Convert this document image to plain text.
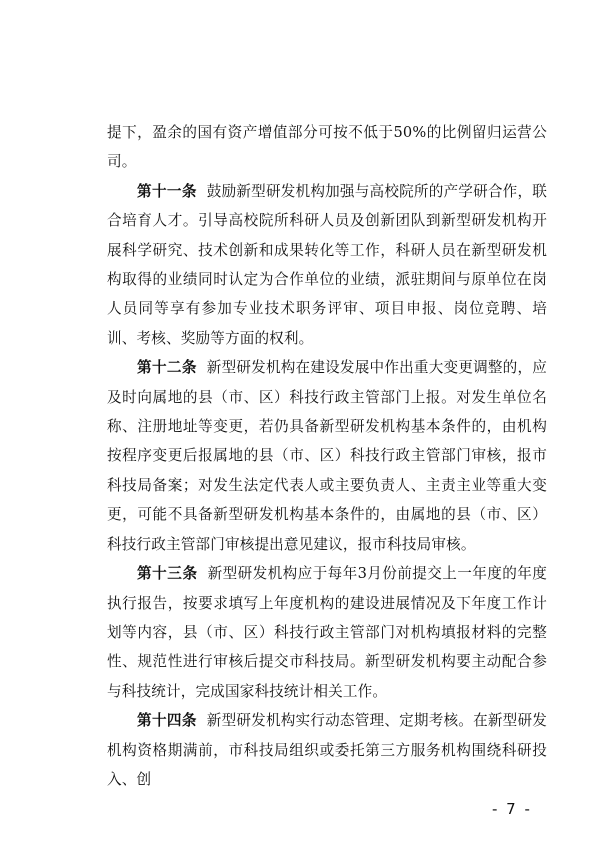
提下，盈余的国有资产增值部分可按不低于50%的比例留归运营公司。

第十一条 鼓励新型研发机构加强与高校院所的产学研合作，联合培育人才。引导高校院所科研人员及创新团队到新型研发机构开展科学研究、技术创新和成果转化等工作，科研人员在新型研发机构取得的业绩同时认定为合作单位的业绩，派驻期间与原单位在岗人员同等享有参加专业技术职务评审、项目申报、岗位竞聘、培训、考核、奖励等方面的权利。

第十二条 新型研发机构在建设发展中作出重大变更调整的，应及时向属地的县（市、区）科技行政主管部门上报。对发生单位名称、注册地址等变更，若仍具备新型研发机构基本条件的，由机构按程序变更后报属地的县（市、区）科技行政主管部门审核，报市科技局备案；对发生法定代表人或主要负责人、主责主业等重大变更，可能不具备新型研发机构基本条件的，由属地的县（市、区）科技行政主管部门审核提出意见建议，报市科技局审核。

第十三条 新型研发机构应于每年3月份前提交上一年度的年度执行报告，按要求填写上年度机构的建设进展情况及下年度工作计划等内容，县（市、区）科技行政主管部门对机构填报材料的完整性、规范性进行审核后提交市科技局。新型研发机构要主动配合参与科技统计，完成国家科技统计相关工作。

第十四条 新型研发机构实行动态管理、定期考核。在新型研发机构资格期满前，市科技局组织或委托第三方服务机构围绕科研投入、创

- 7 -
